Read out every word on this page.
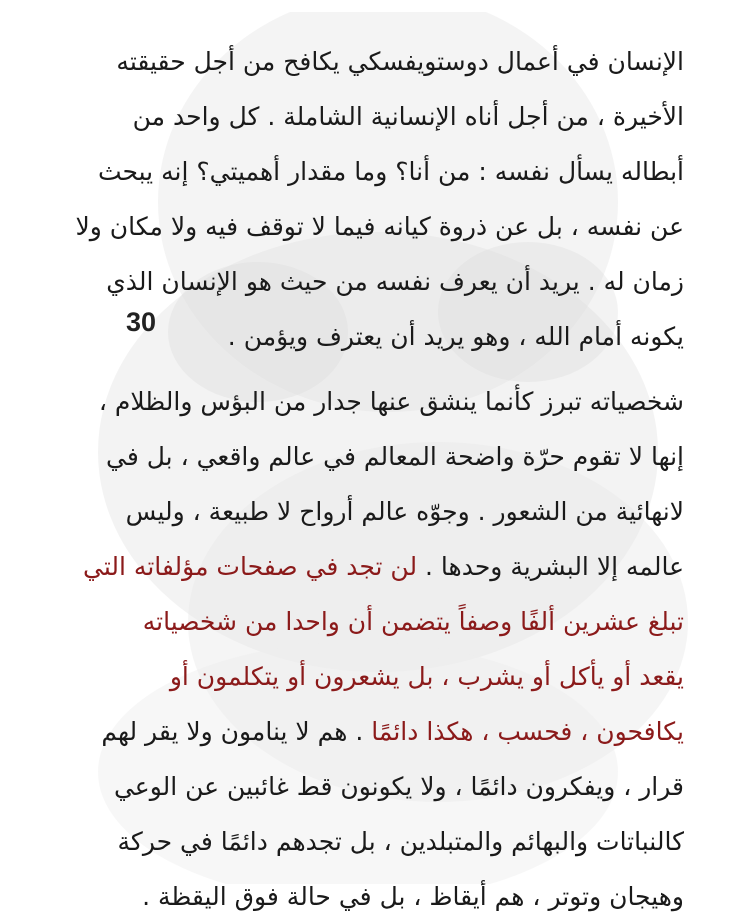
الإنسان في أعمال دوستويفسكي يكافح من أجل حقيقته
الأخيرة ، من أجل أناه الإنسانية الشاملة . كل واحد من
أبطاله يسأل نفسه : من أنا؟ وما مقدار أهميتي؟ إنه يبحث
عن نفسه ، بل عن ذروة كيانه فيما لا توقف فيه ولا مكان ولا
زمان له . يريد أن يعرف نفسه من حيث هو الإنسان الذي
يكونه أمام الله ، وهو يريد أن يعترف ويؤمن .
30
شخصياته تبرز كأنما ينشق عنها جدار من البؤس والظلام ،
إنها لا تقوم حرّة واضحة المعالم في عالم واقعي ، بل في
لانهائية من الشعور . وجوّه عالم أرواح لا طبيعة ، وليس
عالمه إلا البشرية وحدها . لن تجد في صفحات مؤلفاته التي
تبلغ عشرين ألفًا وصفاً يتضمن أن واحدا من شخصياته
يقعد أو يأكل أو يشرب ، بل يشعرون أو يتكلمون أو
يكافحون ، فحسب ، هكذا دائمًا . هم لا ينامون ولا يقر لهم
قرار ، ويفكرون دائمًا ، ولا يكونون قط غائبين عن الوعي
كالنباتات والبهائم والمتبلدين ، بل تجدهم دائمًا في حركة
وهيجان وتوتر ، هم أيقاظ ، بل في حالة فوق اليقظة .
